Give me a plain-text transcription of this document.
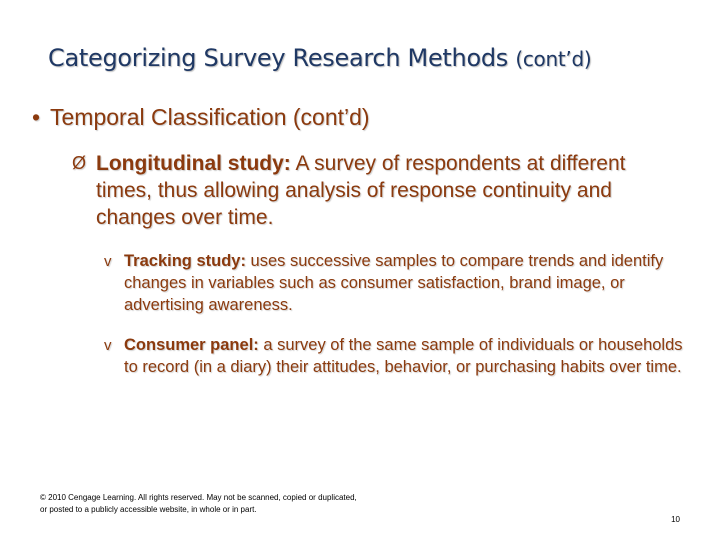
Categorizing Survey Research Methods (cont’d)
• Temporal Classification (cont’d)
Ø Longitudinal study: A survey of respondents at different times, thus allowing analysis of response continuity and changes over time.
v Tracking study: uses successive samples to compare trends and identify changes in variables such as consumer satisfaction, brand image, or advertising awareness.
v Consumer panel: a survey of the same sample of individuals or households to record (in a diary) their attitudes, behavior, or purchasing habits over time.
© 2010 Cengage Learning. All rights reserved. May not be scanned, copied or duplicated, or posted to a publicly accessible website, in whole or in part.
10
